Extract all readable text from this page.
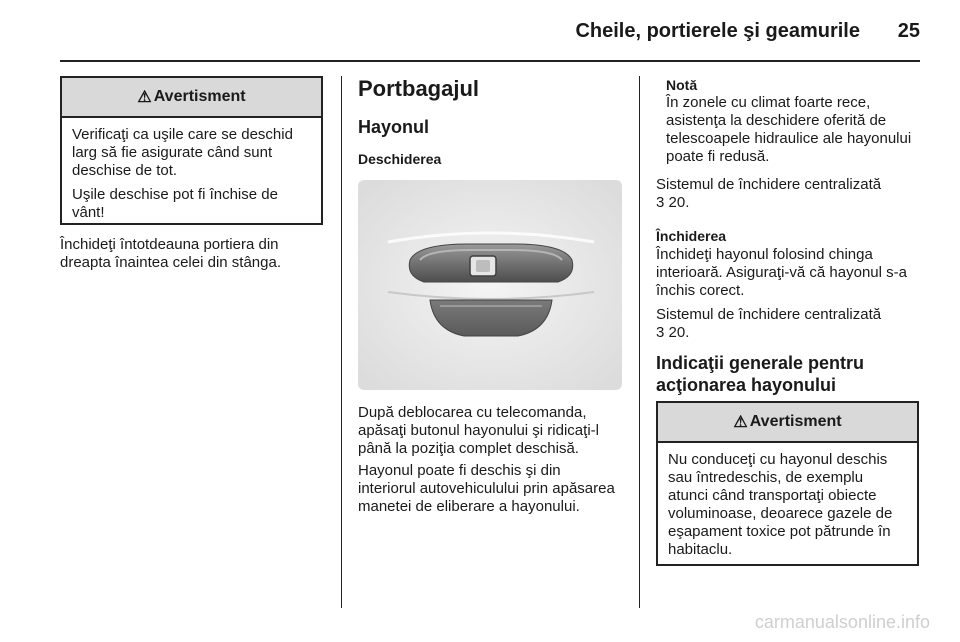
Cheile, portierele şi geamurile	25
⚠ Avertisment

Verificaţi ca uşile care se deschid larg să fie asigurate când sunt deschise de tot.

Uşile deschise pot fi închise de vânt!

Închideţi întotdeauna portiera din dreapta înaintea celei din stânga.

Portbagajul
Hayonul
Deschiderea

După deblocarea cu telecomanda, apăsaţi butonul hayonului şi ridicaţi-l până la poziţia complet deschisă.

Hayonul poate fi deschis şi din interiorul autovehiculului prin apăsarea manetei de eliberare a hayonului.

Notă

În zonele cu climat foarte rece, asistenţa la deschidere oferită de telescoapele hidraulice ale hayonului poate fi redusă.

Sistemul de închidere centralizată

3 20.

Închiderea

Închideţi hayonul folosind chinga interioară. Asiguraţi-vă că hayonul s-a închis corect.

Sistemul de închidere centralizată

3 20.

Indicaţii generale pentru acţionarea hayonului
⚠ Avertisment

Nu conduceţi cu hayonul deschis sau întredeschis, de exemplu atunci când transportaţi obiecte voluminoase, deoarece gazele de eşapament toxice pot pătrunde în habitaclu.

carmanualsonline.info
